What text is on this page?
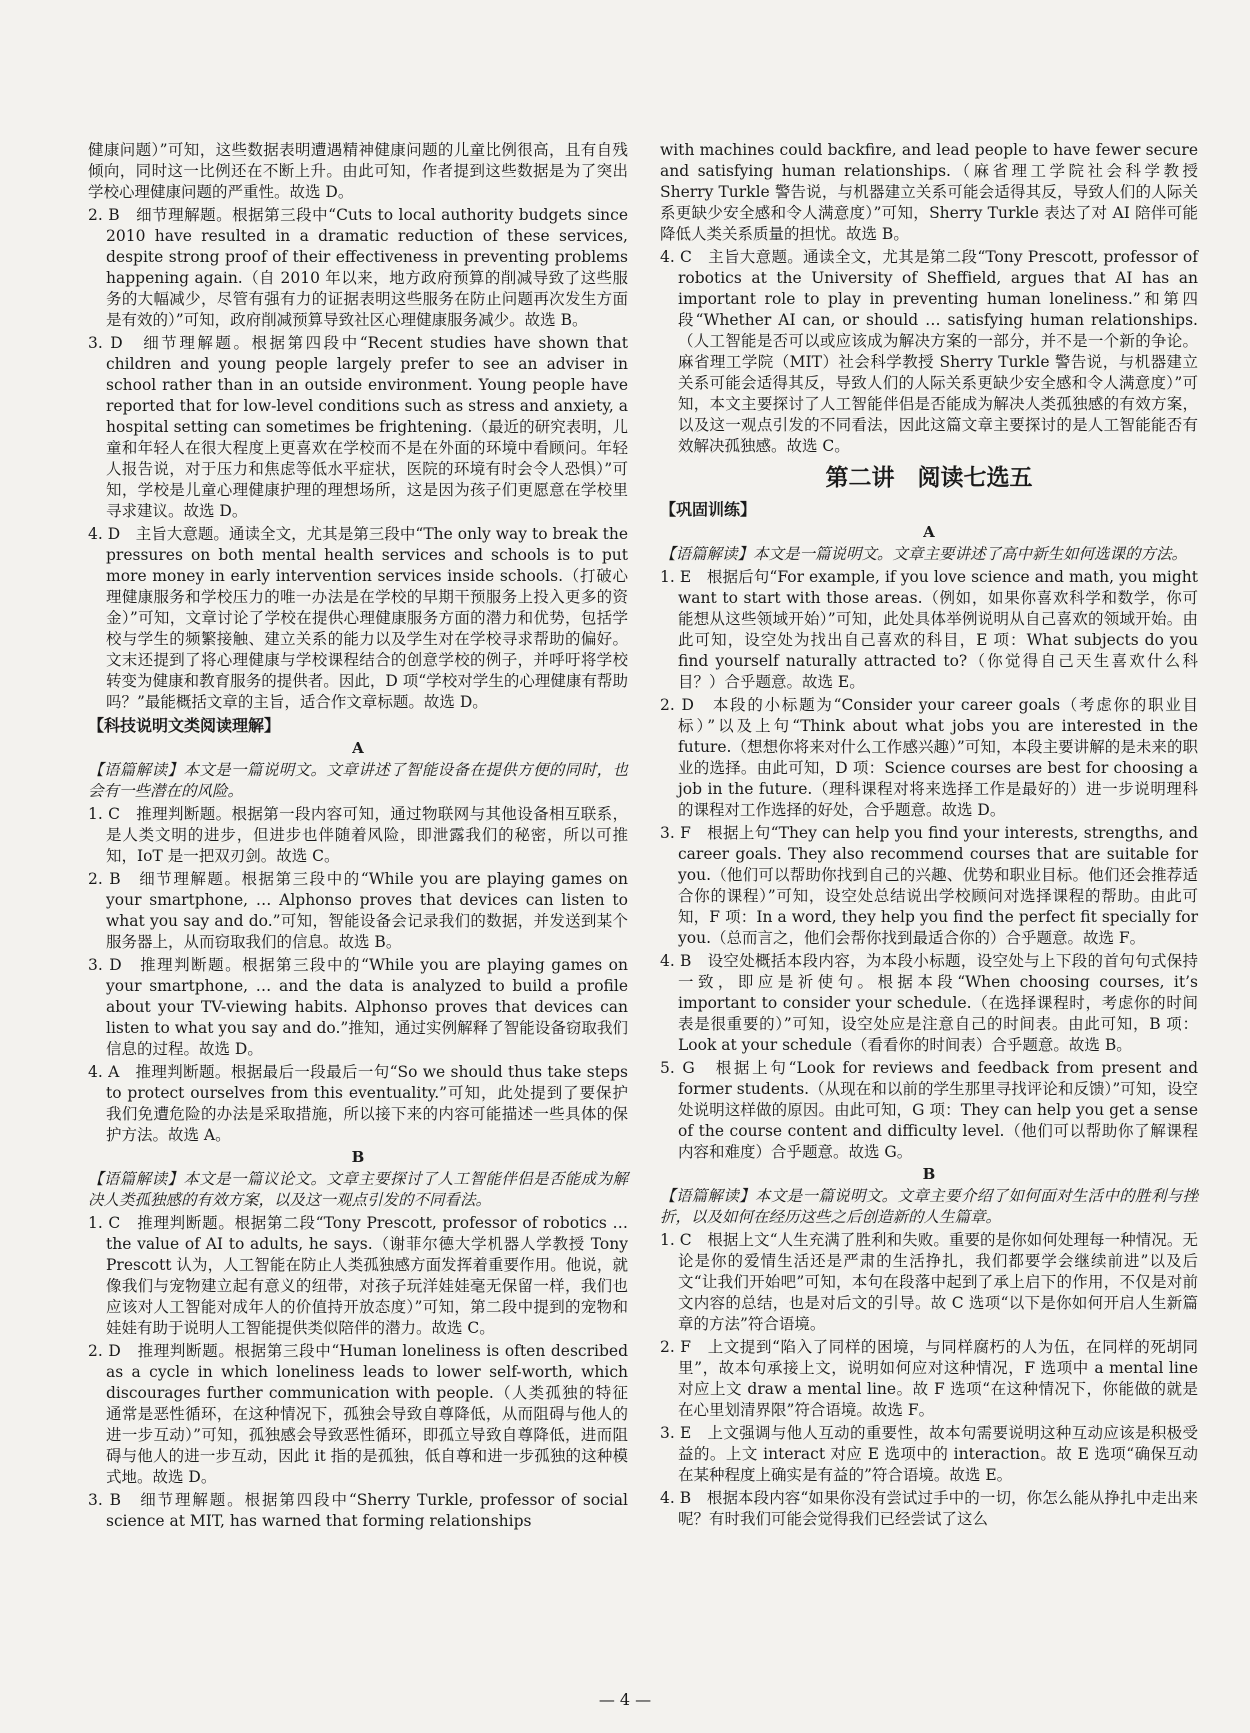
健康问题）”可知，这些数据表明遭遇精神健康问题的儿童比例很高，且有自残倾向，同时这一比例还在不断上升。由此可知，作者提到这些数据是为了突出学校心理健康问题的严重性。故选 D。
2. B　细节理解题。根据第三段中“Cuts to local authority budgets since 2010 have resulted in a dramatic reduction of these services, despite strong proof of their effectiveness in preventing problems happening again.（自 2010 年以来，地方政府预算的削减导致了这些服务的大幅减少，尽管有强有力的证据表明这些服务在防止问题再次发生方面是有效的）”可知，政府削减预算导致社区心理健康服务减少。故选 B。
3. D　细节理解题。根据第四段中“Recent studies have shown that children and young people largely prefer to see an adviser in school rather than in an outside environment. Young people have reported that for low-level conditions such as stress and anxiety, a hospital setting can sometimes be frightening.（最近的研究表明，儿童和年轻人在很大程度上更喜欢在学校而不是在外面的环境中看顾问。年轻人报告说，对于压力和焦虑等低水平症状，医院的环境有时会令人恐惧）”可知，学校是儿童心理健康护理的理想场所，这是因为孩子们更愿意在学校里寻求建议。故选 D。
4. D　主旨大意题。通读全文，尤其是第三段中“The only way to break the pressures on both mental health services and schools is to put more money in early intervention services inside schools.（打破心理健康服务和学校压力的唯一办法是在学校的早期干预服务上投入更多的资金）”可知，文章讨论了学校在提供心理健康服务方面的潜力和优势，包括学校与学生的频繁接触、建立关系的能力以及学生对在学校寻求帮助的偏好。文末还提到了将心理健康与学校课程结合的创意学校的例子，并呼吁将学校转变为健康和教育服务的提供者。因此，D 项“学校对学生的心理健康有帮助吗？”最能概括文章的主旨，适合作文章标题。故选 D。
【科技说明文类阅读理解】
A
【语篇解读】本文是一篇说明文。文章讲述了智能设备在提供方便的同时，也会有一些潜在的风险。
1. C　推理判断题。根据第一段内容可知，通过物联网与其他设备相互联系，是人类文明的进步，但进步也伴随着风险，即泄露我们的秘密，所以可推知，IoT 是一把双刃剑。故选 C。
2. B　细节理解题。根据第三段中的“While you are playing games on your smartphone, … Alphonso proves that devices can listen to what you say and do.”可知，智能设备会记录我们的数据，并发送到某个服务器上，从而窃取我们的信息。故选 B。
3. D　推理判断题。根据第三段中的“While you are playing games on your smartphone, … and the data is analyzed to build a profile about your TV-viewing habits. Alphonso proves that devices can listen to what you say and do.”推知，通过实例解释了智能设备窃取我们信息的过程。故选 D。
4. A　推理判断题。根据最后一段最后一句“So we should thus take steps to protect ourselves from this eventuality.”可知，此处提到了要保护我们免遭危险的办法是采取措施，所以接下来的内容可能描述一些具体的保护方法。故选 A。
B
【语篇解读】本文是一篇议论文。文章主要探讨了人工智能伴侣是否能成为解决人类孤独感的有效方案，以及这一观点引发的不同看法。
1. C　推理判断题。根据第二段“Tony Prescott, professor of robotics … the value of AI to adults, he says.（谢菲尔德大学机器人学教授 Tony Prescott 认为，人工智能在防止人类孤独感方面发挥着重要作用。他说，就像我们与宠物建立起有意义的纽带，对孩子玩洋娃娃毫无保留一样，我们也应该对人工智能对成年人的价值持开放态度）”可知，第二段中提到的宠物和娃娃有助于说明人工智能提供类似陪伴的潜力。故选 C。
2. D　推理判断题。根据第三段中“Human loneliness is often described as a cycle in which loneliness leads to lower self-worth, which discourages further communication with people.（人类孤独的特征通常是恶性循环，在这种情况下，孤独会导致自尊降低，从而阻碍与他人的进一步互动）”可知，孤独感会导致恶性循环，即孤立导致自尊降低，进而阻碍与他人的进一步互动，因此 it 指的是孤独，低自尊和进一步孤独的这种模式地。故选 D。
3. B　细节理解题。根据第四段中“Sherry Turkle, professor of social science at MIT, has warned that forming relationships
with machines could backfire, and lead people to have fewer secure and satisfying human relationships.（麻省理工学院社会科学教授 Sherry Turkle 警告说，与机器建立关系可能会适得其反，导致人们的人际关系更缺少安全感和令人满意度）”可知，Sherry Turkle 表达了对 AI 陪伴可能降低人类关系质量的担忧。故选 B。
4. C　主旨大意题。通读全文，尤其是第二段“Tony Prescott, professor of robotics at the University of Sheffield, argues that AI has an important role to play in preventing human loneliness.”和第四段“Whether AI can, or should … satisfying human relationships.（人工智能是否可以或应该成为解决方案的一部分，并不是一个新的争论。麻省理工学院（MIT）社会科学教授 Sherry Turkle 警告说，与机器建立关系可能会适得其反，导致人们的人际关系更缺少安全感和令人满意度）”可知，本文主要探讨了人工智能伴侣是否能成为解决人类孤独感的有效方案，以及这一观点引发的不同看法，因此这篇文章主要探讨的是人工智能能否有效解决孤独感。故选 C。
第二讲　阅读七选五
【巩固训练】
A
【语篇解读】本文是一篇说明文。文章主要讲述了高中新生如何选课的方法。
1. E　根据后句“For example, if you love science and math, you might want to start with those areas.（例如，如果你喜欢科学和数学，你可能想从这些领域开始）”可知，此处具体举例说明从自己喜欢的领域开始。由此可知，设空处为找出自己喜欢的科目，E 项：What subjects do you find yourself naturally attracted to?（你觉得自己天生喜欢什么科目？）合乎题意。故选 E。
2. D　本段的小标题为“Consider your career goals（考虑你的职业目标）”以及上句“Think about what jobs you are interested in the future.（想想你将来对什么工作感兴趣）”可知，本段主要讲解的是未来的职业的选择。由此可知，D 项：Science courses are best for choosing a job in the future.（理科课程对将来选择工作是最好的）进一步说明理科的课程对工作选择的好处，合乎题意。故选 D。
3. F　根据上句“They can help you find your interests, strengths, and career goals. They also recommend courses that are suitable for you.（他们可以帮助你找到自己的兴趣、优势和职业目标。他们还会推荐适合你的课程）”可知，设空处总结说出学校顾问对选择课程的帮助。由此可知，F 项：In a word, they help you find the perfect fit specially for you.（总而言之，他们会帮你找到最适合你的）合乎题意。故选 F。
4. B　设空处概括本段内容，为本段小标题，设空处与上下段的首句句式保持一致，即应是祈使句。根据本段“When choosing courses, it’s important to consider your schedule.（在选择课程时，考虑你的时间表是很重要的）”可知，设空处应是注意自己的时间表。由此可知，B 项：Look at your schedule（看看你的时间表）合乎题意。故选 B。
5. G　根据上句“Look for reviews and feedback from present and former students.（从现在和以前的学生那里寻找评论和反馈）”可知，设空处说明这样做的原因。由此可知，G 项：They can help you get a sense of the course content and difficulty level.（他们可以帮助你了解课程内容和难度）合乎题意。故选 G。
B
【语篇解读】本文是一篇说明文。文章主要介绍了如何面对生活中的胜利与挫折，以及如何在经历这些之后创造新的人生篇章。
1. C　根据上文“人生充满了胜利和失败。重要的是你如何处理每一种情况。无论是你的爱情生活还是严肃的生活挣扎，我们都要学会继续前进”以及后文“让我们开始吧”可知，本句在段落中起到了承上启下的作用，不仅是对前文内容的总结，也是对后文的引导。故 C 选项“以下是你如何开启人生新篇章的方法”符合语境。
2. F　上文提到“陷入了同样的困境，与同样腐朽的人为伍，在同样的死胡同里”，故本句承接上文，说明如何应对这种情况，F 选项中 a mental line 对应上文 draw a mental line。故 F 选项“在这种情况下，你能做的就是在心里划清界限”符合语境。故选 F。
3. E　上文强调与他人互动的重要性，故本句需要说明这种互动应该是积极受益的。上文 interact 对应 E 选项中的 interaction。故 E 选项“确保互动在某种程度上确实是有益的”符合语境。故选 E。
4. B　根据本段内容“如果你没有尝试过手中的一切，你怎么能从挣扎中走出来呢？有时我们可能会觉得我们已经尝试了这么
— 4 —
